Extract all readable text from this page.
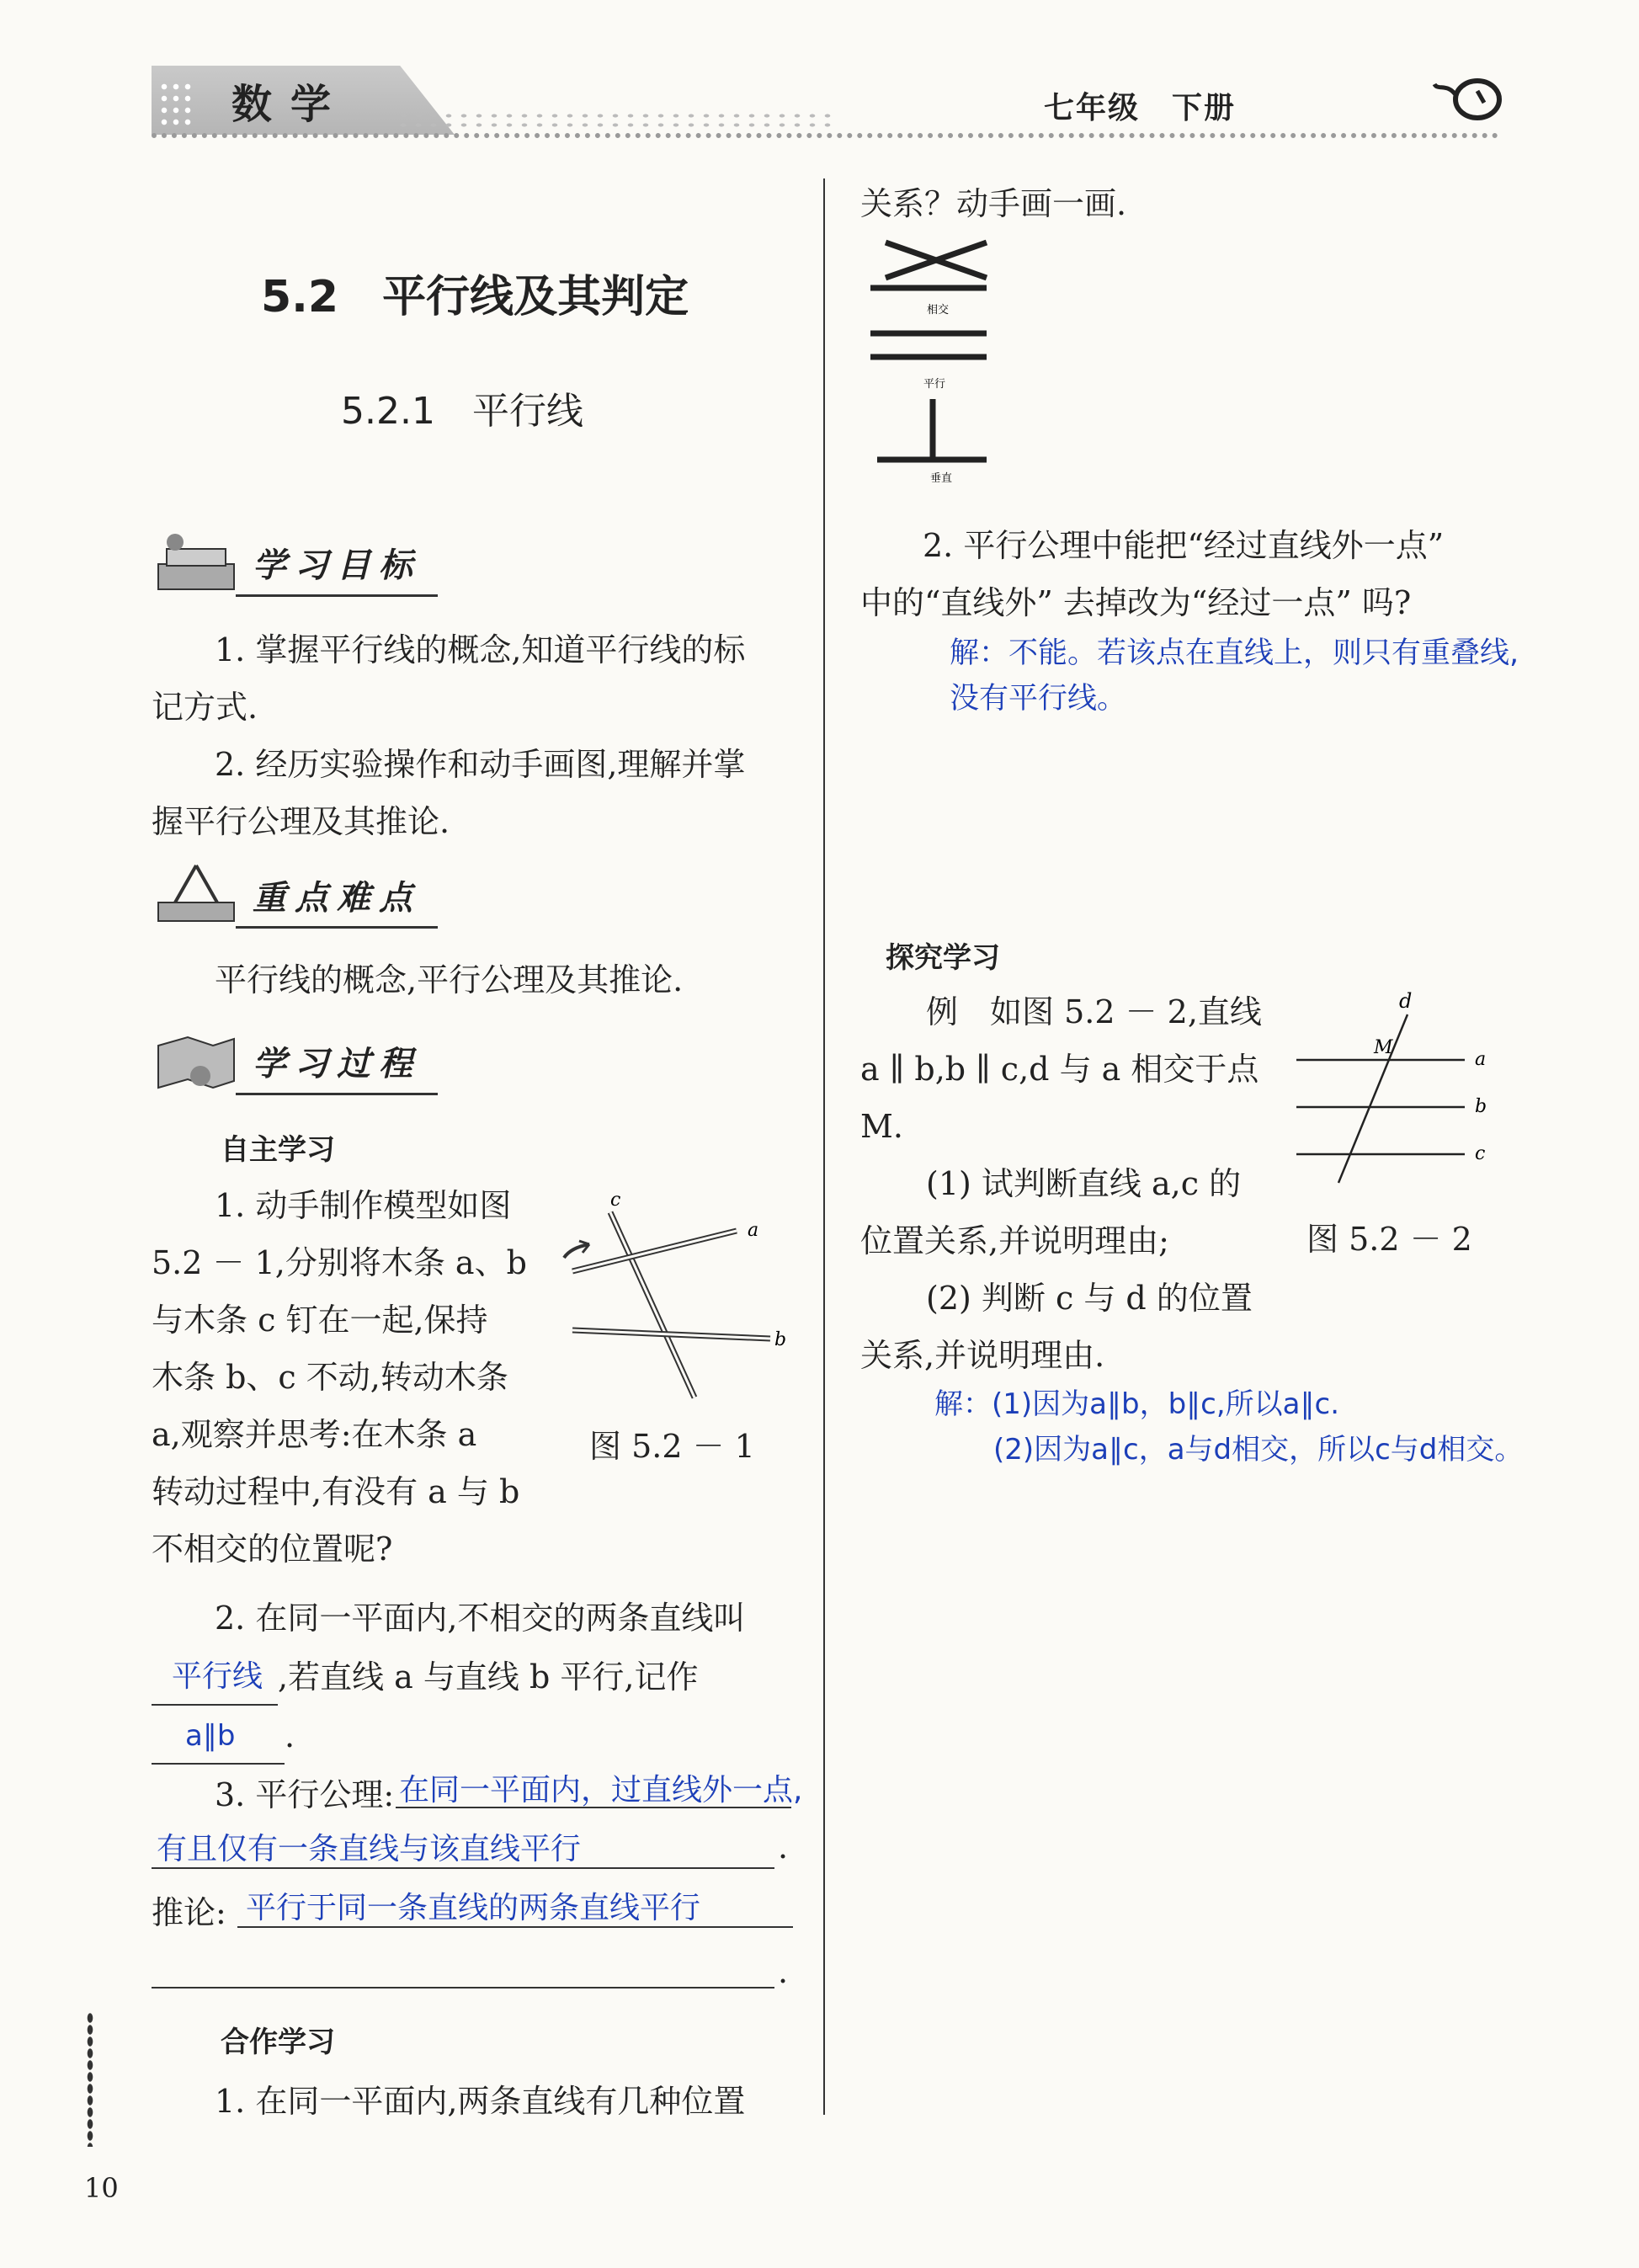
数学	七年级　下册
5.2　平行线及其判定
5.2.1　平行线
学习目标
1. 掌握平行线的概念,知道平行线的标
记方式.
2. 经历实验操作和动手画图,理解并掌
握平行公理及其推论.
重点难点
平行线的概念,平行公理及其推论.
学习过程
自主学习
1. 动手制作模型如图
5.2 － 1,分别将木条 a、b
与木条 c 钉在一起,保持
木条 b、c 不动,转动木条
a,观察并思考:在木条 a
转动过程中,有没有 a 与 b
不相交的位置呢?
c
a
b
图 5.2 － 1
2. 在同一平面内,不相交的两条直线叫
平行线 ,若直线 a 与直线 b 平行,记作
a∥b .
3. 平行公理: 在同一平面内，过直线外一点,
有且仅有一条直线与该直线平行	.
推论: 平行于同一条直线的两条直线平行
.
合作学习
1. 在同一平面内,两条直线有几种位置
10
关系？动手画一画.
相交
平行
垂直
2. 平行公理中能把“经过直线外一点”
中的“直线外” 去掉改为“经过一点” 吗?
解：不能。若该点在直线上，则只有重叠线,
没有平行线。
探究学习
例　如图 5.2 － 2,直线
a ∥ b,b ∥ c,d 与 a 相交于点
M.
(1) 试判断直线 a,c 的
位置关系,并说明理由;
(2) 判断 c 与 d 的位置
关系,并说明理由.
d
M
a
b
c
图 5.2 － 2
解：(1)因为a∥b，b∥c,所以a∥c.
(2)因为a∥c，a与d相交，所以c与d相交。
